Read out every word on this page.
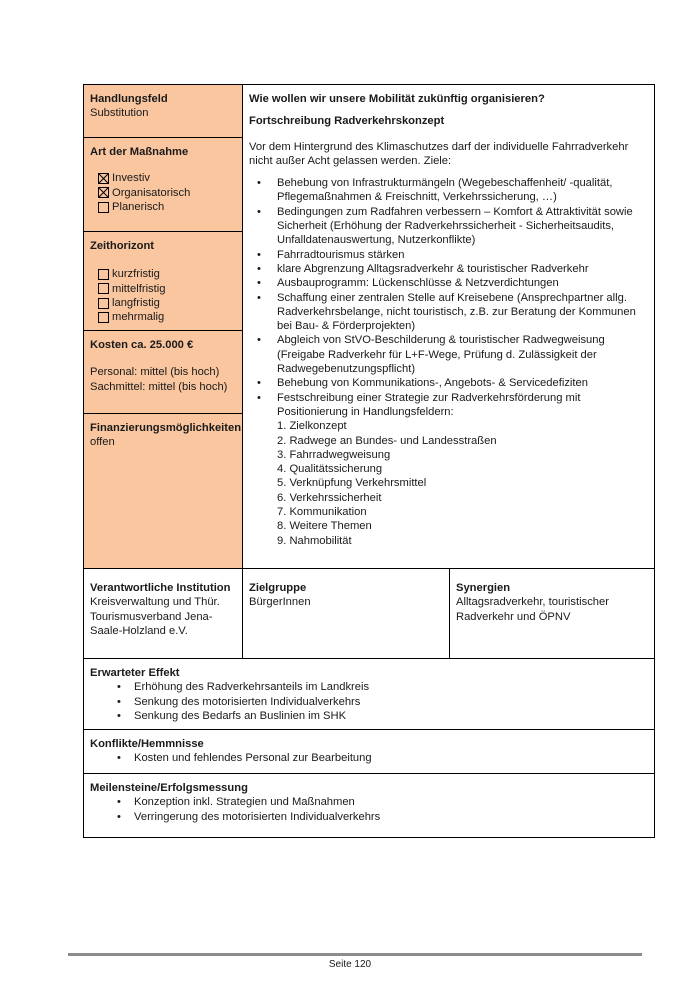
Handlungsfeld
Substitution
Art der Maßnahme
Investiv
Organisatorisch
Planerisch
Zeithorizont
kurzfristig
mittelfristig
langfristig
mehrmalig
Kosten ca. 25.000 €
Personal: mittel (bis hoch)
Sachmittel: mittel (bis hoch)
Finanzierungsmöglichkeiten
offen
Wie wollen wir unsere Mobilität zukünftig organisieren?
Fortschreibung Radverkehrskonzept
Vor dem Hintergrund des Klimaschutzes darf der individuelle Fahrradverkehr nicht außer Acht gelassen werden. Ziele:
• Behebung von Infrastrukturmängeln (Wegebeschaffenheit/ -qualität, Pflegemaßnahmen & Freischnitt, Verkehrssicherung, …)
• Bedingungen zum Radfahren verbessern – Komfort & Attraktivität sowie Sicherheit (Erhöhung der Radverkehrssicherheit - Sicherheitsaudits, Unfalldatenauswertung, Nutzerkonflikte)
• Fahrradtourismus stärken
• klare Abgrenzung Alltagsradverkehr & touristischer Radverkehr
• Ausbauprogramm: Lückenschlüsse & Netzverdichtungen
• Schaffung einer zentralen Stelle auf Kreisebene (Ansprechpartner allg. Radverkehrsbelange, nicht touristisch, z.B. zur Beratung der Kommunen bei Bau- & Förderprojekten)
• Abgleich von StVO-Beschilderung & touristischer Radwegweisung (Freigabe Radverkehr für L+F-Wege, Prüfung d. Zulässigkeit der Radwegebenutzungspflicht)
• Behebung von Kommunikations-, Angebots- & Servicedefiziten
• Festschreibung einer Strategie zur Radverkehrsförderung mit Positionierung in Handlungsfeldern:
1. Zielkonzept
2. Radwege an Bundes- und Landesstraßen
3. Fahrradwegweisung
4. Qualitätssicherung
5. Verknüpfung Verkehrsmittel
6. Verkehrssicherheit
7. Kommunikation
8. Weitere Themen
9. Nahmobilität
Verantwortliche Institution
Kreisverwaltung und Thür. Tourismusverband Jena-Saale-Holzland e.V.
Zielgruppe
BürgerInnen
Synergien
Alltagsradverkehr, touristischer Radverkehr und ÖPNV
Erwarteter Effekt
• Erhöhung des Radverkehrsanteils im Landkreis
• Senkung des motorisierten Individualverkehrs
• Senkung des Bedarfs an Buslinien im SHK
Konflikte/Hemmnisse
• Kosten und fehlendes Personal zur Bearbeitung
Meilensteine/Erfolgsmessung
• Konzeption inkl. Strategien und Maßnahmen
• Verringerung des motorisierten Individualverkehrs
Seite 120
